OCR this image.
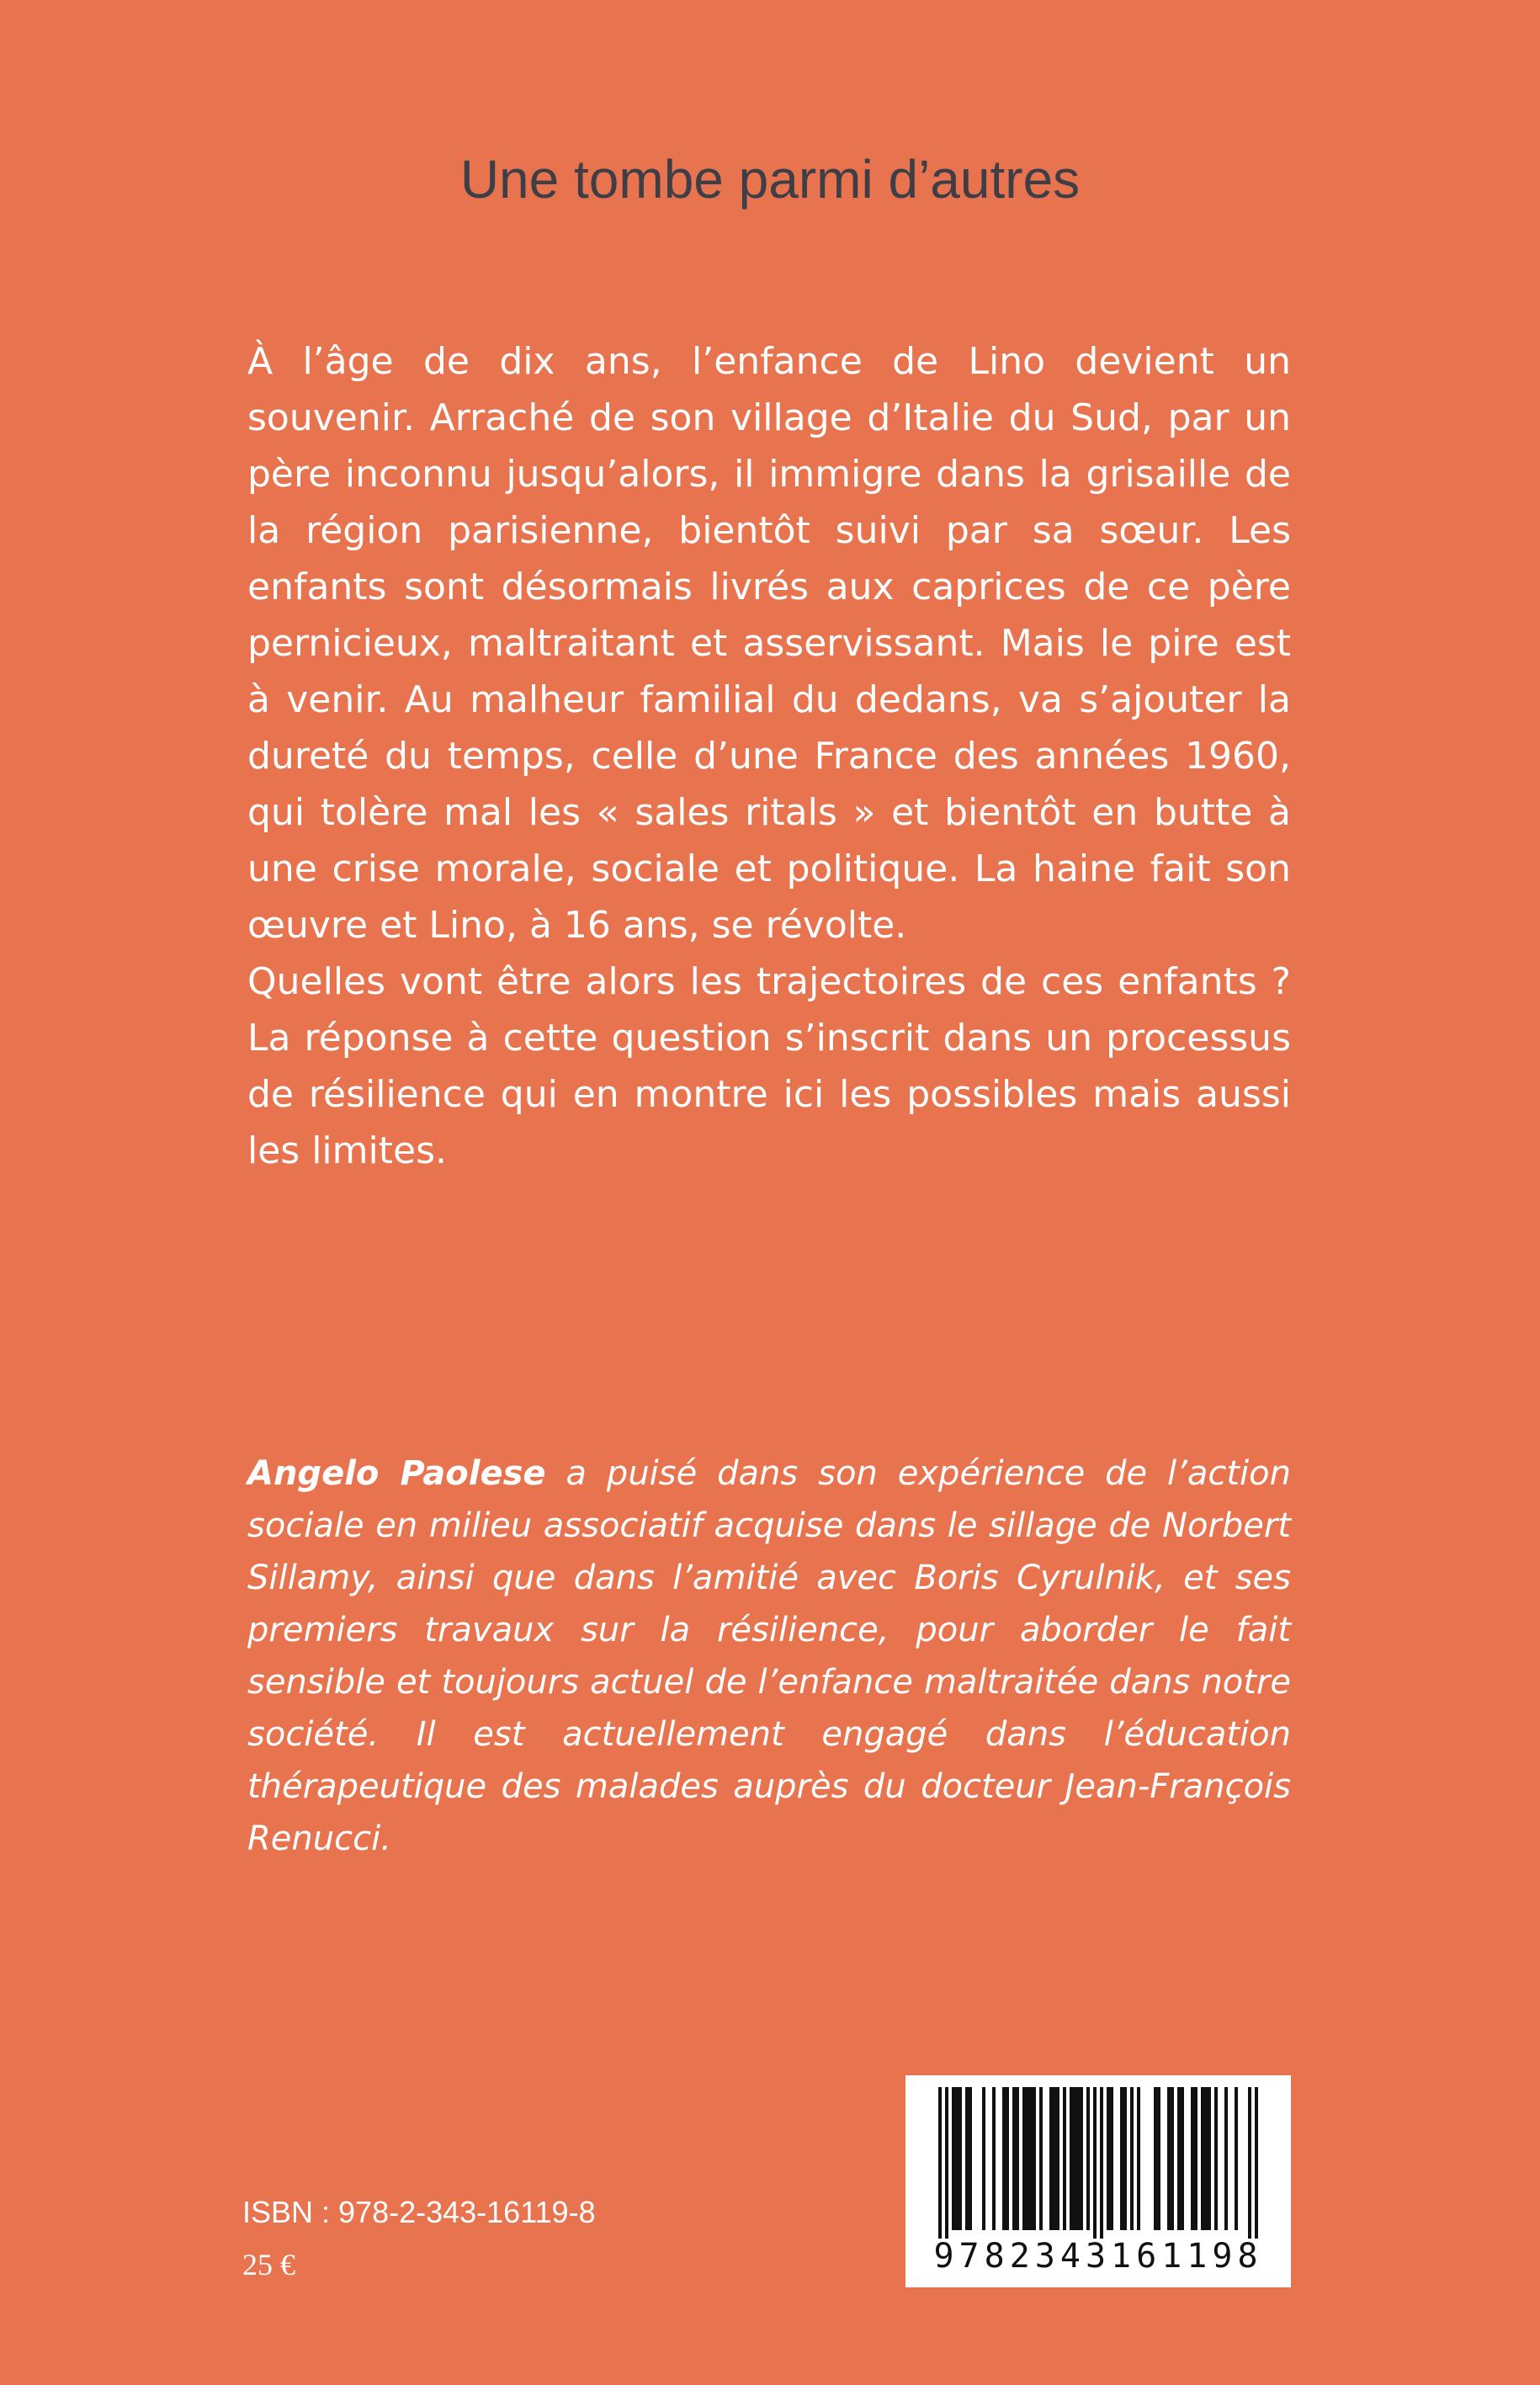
Une tombe parmi d’autres

À l’âge de dix ans, l’enfance de Lino devient un souvenir. Arraché de son village d’Italie du Sud, par un père inconnu jusqu’alors, il immigre dans la grisaille de la région parisienne, bientôt suivi par sa sœur. Les enfants sont désormais livrés aux caprices de ce père pernicieux, maltraitant et asservissant. Mais le pire est à venir. Au malheur familial du dedans, va s’ajouter la dureté du temps, celle d’une France des années 1960, qui tolère mal les « sales ritals » et bientôt en butte à une crise morale, sociale et politique. La haine fait son œuvre et Lino, à 16 ans, se révolte.

Quelles vont être alors les trajectoires de ces enfants ? La réponse à cette question s’inscrit dans un processus de résilience qui en montre ici les possibles mais aussi les limites.

Angelo Paolese a puisé dans son expérience de l’action sociale en milieu associatif acquise dans le sillage de Norbert Sillamy, ainsi que dans l’amitié avec Boris Cyrulnik, et ses premiers travaux sur la résilience, pour aborder le fait sensible et toujours actuel de l’enfance maltraitée dans notre société. Il est actuellement engagé dans l’éducation thérapeutique des malades auprès du docteur Jean-François Renucci.

ISBN : 978-2-343-16119-8

25 €	9782343161198
